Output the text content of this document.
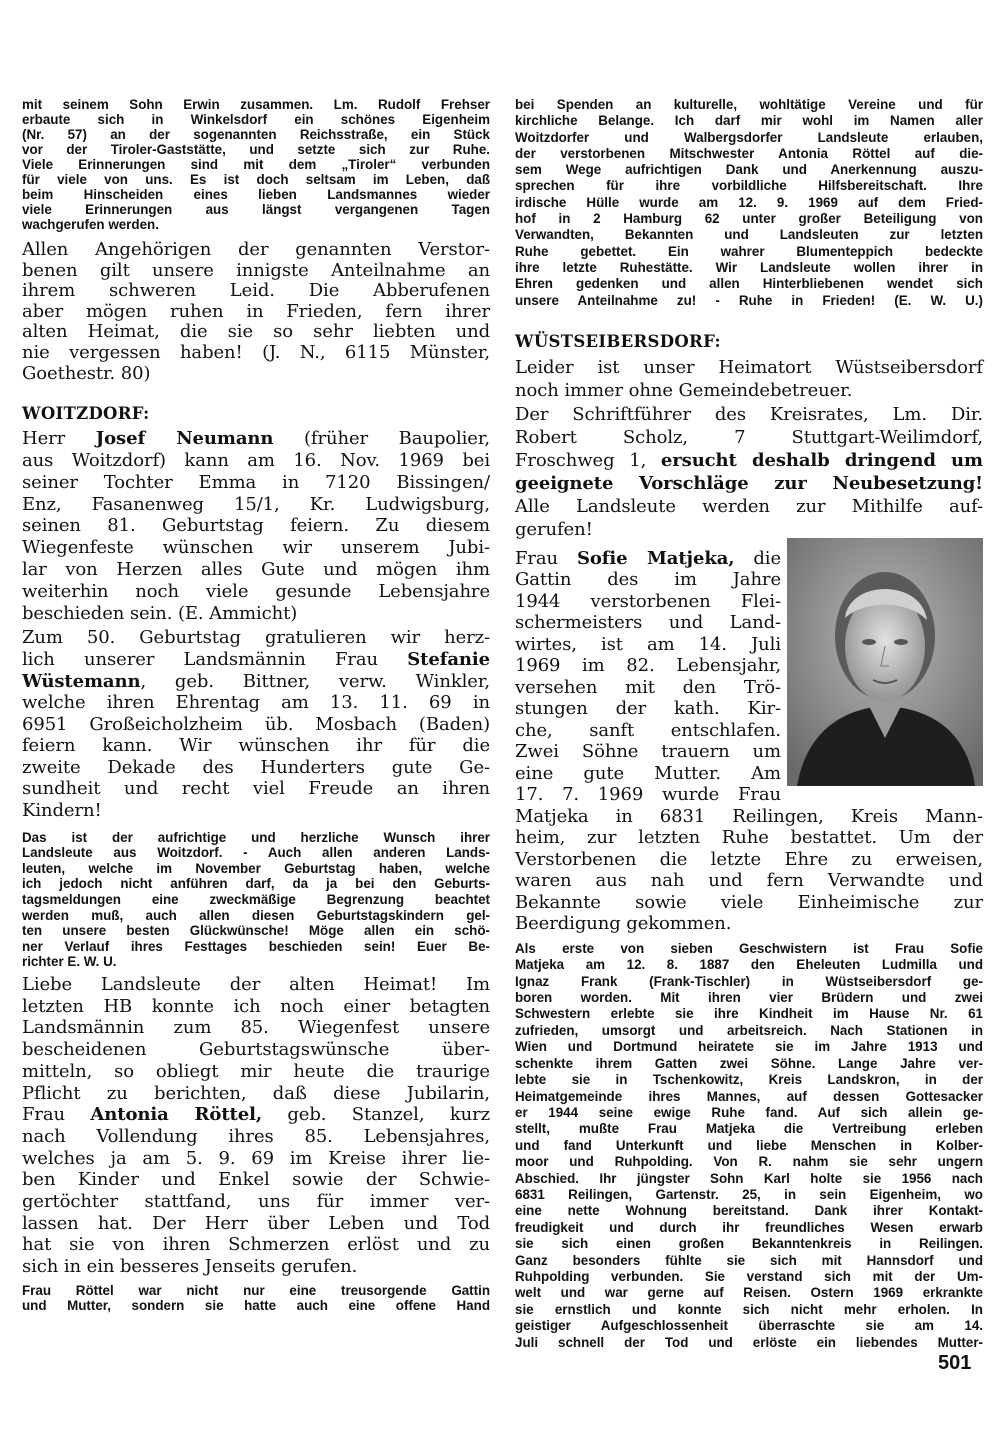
mit seinem Sohn Erwin zusammen. Lm. Rudolf Frehser
erbaute sich in Winkelsdorf ein schönes Eigenheim
(Nr. 57) an der sogenannten Reichsstraße, ein Stück
vor der Tiroler-Gaststätte, und setzte sich zur Ruhe.
Viele Erinnerungen sind mit dem „Tiroler“ verbunden
für viele von uns. Es ist doch seltsam im Leben, daß
beim Hinscheiden eines lieben Landsmannes wieder
viele Erinnerungen aus längst vergangenen Tagen
wachgerufen werden.
Allen Angehörigen der genannten Verstor-
benen gilt unsere innigste Anteilnahme an
ihrem schweren Leid. Die Abberufenen
aber mögen ruhen in Frieden, fern ihrer
alten Heimat, die sie so sehr liebten und
nie vergessen haben! (J. N., 6115 Münster,
Goethestr. 80)
WOITZDORF:
Herr Josef Neumann (früher Baupolier,
aus Woitzdorf) kann am 16. Nov. 1969 bei
seiner Tochter Emma in 7120 Bissingen/
Enz, Fasanenweg 15/1, Kr. Ludwigsburg,
seinen 81. Geburtstag feiern. Zu diesem
Wiegenfeste wünschen wir unserem Jubi-
lar von Herzen alles Gute und mögen ihm
weiterhin noch viele gesunde Lebensjahre
beschieden sein. (E. Ammicht)
Zum 50. Geburtstag gratulieren wir herz-
lich unserer Landsmännin Frau Stefanie
Wüstemann, geb. Bittner, verw. Winkler,
welche ihren Ehrentag am 13. 11. 69 in
6951 Großeicholzheim üb. Mosbach (Baden)
feiern kann. Wir wünschen ihr für die
zweite Dekade des Hunderters gute Ge-
sundheit und recht viel Freude an ihren
Kindern!
Das ist der aufrichtige und herzliche Wunsch ihrer
Landsleute aus Woitzdorf. - Auch allen anderen Lands-
leuten, welche im November Geburtstag haben, welche
ich jedoch nicht anführen darf, da ja bei den Geburts-
tagsmeldungen eine zweckmäßige Begrenzung beachtet
werden muß, auch allen diesen Geburtstagskindern gel-
ten unsere besten Glückwünsche! Möge allen ein schö-
ner Verlauf ihres Festtages beschieden sein! Euer Be-
richter E. W. U.
Liebe Landsleute der alten Heimat! Im
letzten HB konnte ich noch einer betagten
Landsmännin zum 85. Wiegenfest unsere
bescheidenen Geburtstagswünsche über-
mitteln, so obliegt mir heute die traurige
Pflicht zu berichten, daß diese Jubilarin,
Frau Antonia Röttel, geb. Stanzel, kurz
nach Vollendung ihres 85. Lebensjahres,
welches ja am 5. 9. 69 im Kreise ihrer lie-
ben Kinder und Enkel sowie der Schwie-
gertöchter stattfand, uns für immer ver-
lassen hat. Der Herr über Leben und Tod
hat sie von ihren Schmerzen erlöst und zu
sich in ein besseres Jenseits gerufen.
Frau Röttel war nicht nur eine treusorgende Gattin
und Mutter, sondern sie hatte auch eine offene Hand
bei Spenden an kulturelle, wohltätige Vereine und für
kirchliche Belange. Ich darf mir wohl im Namen aller
Woitzdorfer und Walbergsdorfer Landsleute erlauben,
der verstorbenen Mitschwester Antonia Röttel auf die-
sem Wege aufrichtigen Dank und Anerkennung auszu-
sprechen für ihre vorbildliche Hilfsbereitschaft. Ihre
irdische Hülle wurde am 12. 9. 1969 auf dem Fried-
hof in 2 Hamburg 62 unter großer Beteiligung von
Verwandten, Bekannten und Landsleuten zur letzten
Ruhe gebettet. Ein wahrer Blumenteppich bedeckte
ihre letzte Ruhestätte. Wir Landsleute wollen ihrer in
Ehren gedenken und allen Hinterbliebenen wendet sich
unsere Anteilnahme zu! - Ruhe in Frieden! (E. W. U.)
WÜSTSEIBERSDORF:
Leider ist unser Heimatort Wüstseibersdorf
noch immer ohne Gemeindebetreuer.
Der Schriftführer des Kreisrates, Lm. Dir.
Robert Scholz, 7 Stuttgart-Weilimdorf,
Froschweg 1, ersucht deshalb dringend um
geeignete Vorschläge zur Neubesetzung!
Alle Landsleute werden zur Mithilfe auf-
gerufen!
Frau Sofie Matjeka, die
Gattin des im Jahre
1944 verstorbenen Flei-
schermeisters und Land-
wirtes, ist am 14. Juli
1969 im 82. Lebensjahr,
versehen mit den Trö-
stungen der kath. Kir-
che, sanft entschlafen.
Zwei Söhne trauern um
eine gute Mutter. Am
17. 7. 1969 wurde Frau
Matjeka in 6831 Reilingen, Kreis Mann-
heim, zur letzten Ruhe bestattet. Um der
Verstorbenen die letzte Ehre zu erweisen,
waren aus nah und fern Verwandte und
Bekannte sowie viele Einheimische zur
Beerdigung gekommen.
Als erste von sieben Geschwistern ist Frau Sofie
Matjeka am 12. 8. 1887 den Eheleuten Ludmilla und
Ignaz Frank (Frank-Tischler) in Wüstseibersdorf ge-
boren worden. Mit ihren vier Brüdern und zwei
Schwestern erlebte sie ihre Kindheit im Hause Nr. 61
zufrieden, umsorgt und arbeitsreich. Nach Stationen in
Wien und Dortmund heiratete sie im Jahre 1913 und
schenkte ihrem Gatten zwei Söhne. Lange Jahre ver-
lebte sie in Tschenkowitz, Kreis Landskron, in der
Heimatgemeinde ihres Mannes, auf dessen Gottesacker
er 1944 seine ewige Ruhe fand. Auf sich allein ge-
stellt, mußte Frau Matjeka die Vertreibung erleben
und fand Unterkunft und liebe Menschen in Kolber-
moor und Ruhpolding. Von R. nahm sie sehr ungern
Abschied. Ihr jüngster Sohn Karl holte sie 1956 nach
6831 Reilingen, Gartenstr. 25, in sein Eigenheim, wo
eine nette Wohnung bereitstand. Dank ihrer Kontakt-
freudigkeit und durch ihr freundliches Wesen erwarb
sie sich einen großen Bekanntenkreis in Reilingen.
Ganz besonders fühlte sie sich mit Hannsdorf und
Ruhpolding verbunden. Sie verstand sich mit der Um-
welt und war gerne auf Reisen. Ostern 1969 erkrankte
sie ernstlich und konnte sich nicht mehr erholen. In
geistiger Aufgeschlossenheit überraschte sie am 14.
Juli schnell der Tod und erlöste ein liebendes Mutter-
501
